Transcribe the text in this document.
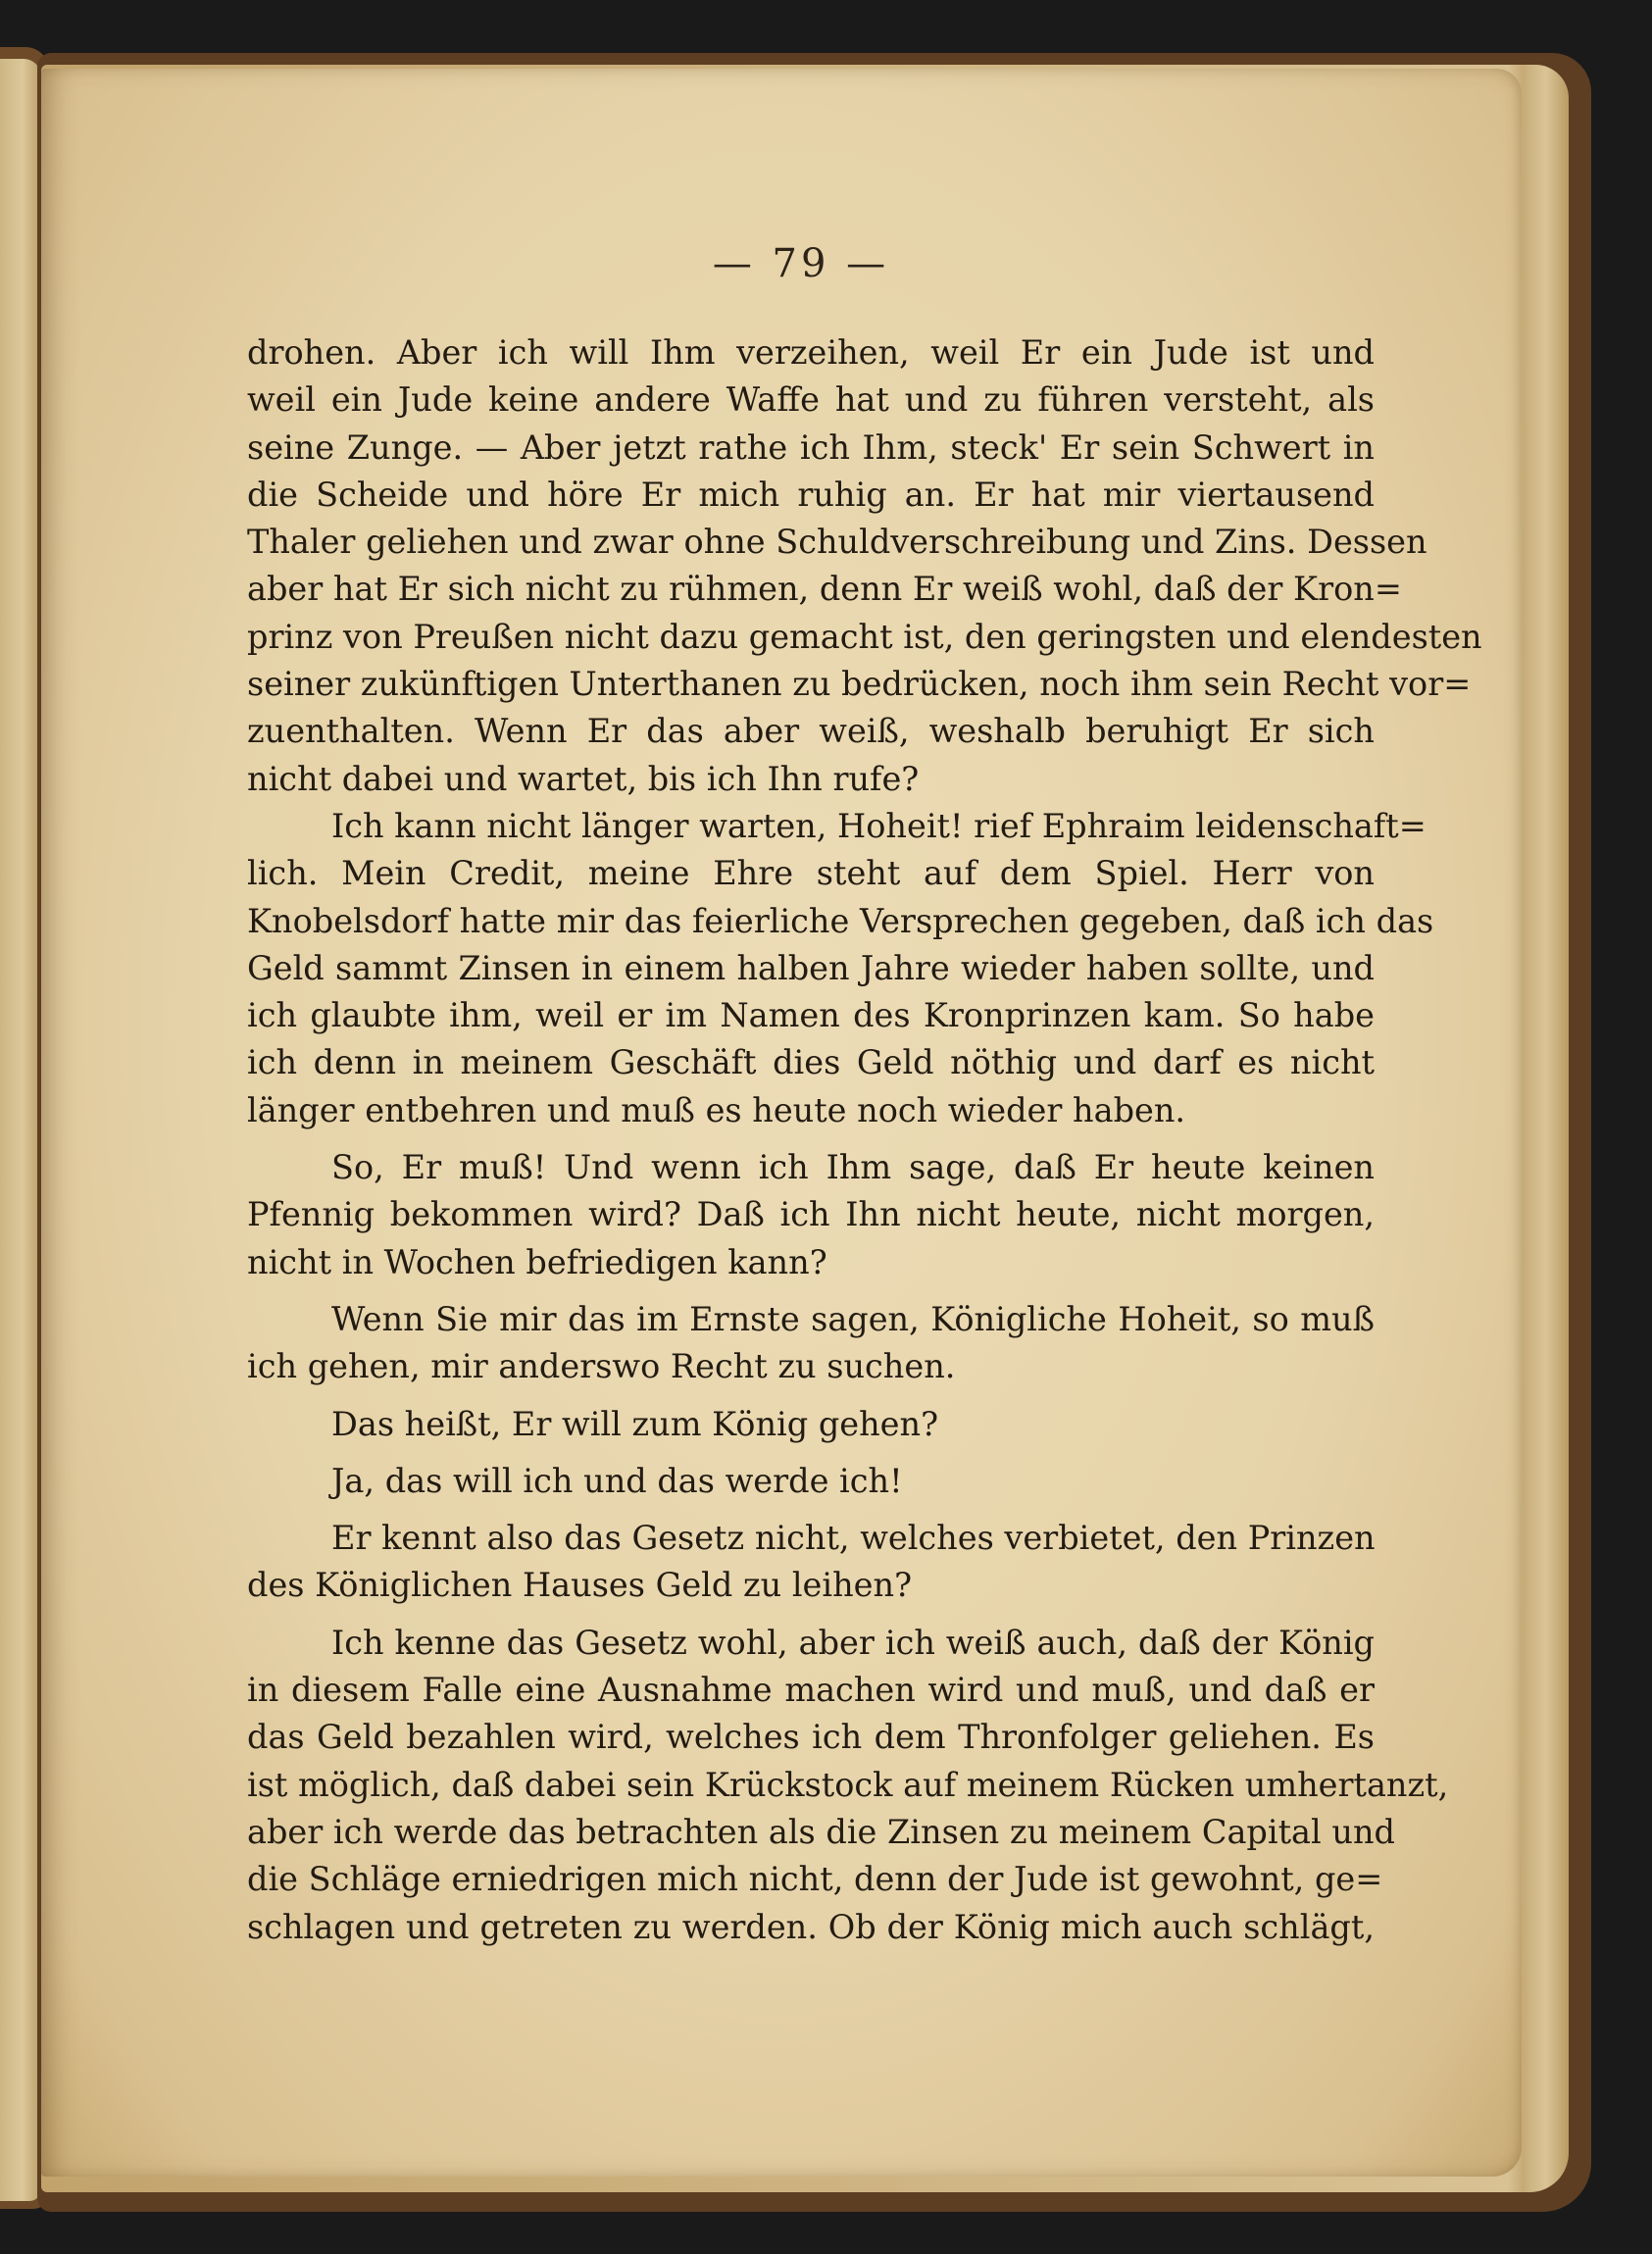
— 79 —
drohen. Aber ich will Ihm verzeihen, weil Er ein Jude ist und
weil ein Jude keine andere Waffe hat und zu führen versteht, als
seine Zunge. — Aber jetzt rathe ich Ihm, steck' Er sein Schwert in
die Scheide und höre Er mich ruhig an. Er hat mir viertausend
Thaler geliehen und zwar ohne Schuldverschreibung und Zins. Dessen
aber hat Er sich nicht zu rühmen, denn Er weiß wohl, daß der Kron=
prinz von Preußen nicht dazu gemacht ist, den geringsten und elendesten
seiner zukünftigen Unterthanen zu bedrücken, noch ihm sein Recht vor=
zuenthalten. Wenn Er das aber weiß, weshalb beruhigt Er sich
nicht dabei und wartet, bis ich Ihn rufe?
Ich kann nicht länger warten, Hoheit! rief Ephraim leidenschaft=
lich. Mein Credit, meine Ehre steht auf dem Spiel. Herr von
Knobelsdorf hatte mir das feierliche Versprechen gegeben, daß ich das
Geld sammt Zinsen in einem halben Jahre wieder haben sollte, und
ich glaubte ihm, weil er im Namen des Kronprinzen kam. So habe
ich denn in meinem Geschäft dies Geld nöthig und darf es nicht
länger entbehren und muß es heute noch wieder haben.
So, Er muß! Und wenn ich Ihm sage, daß Er heute keinen
Pfennig bekommen wird? Daß ich Ihn nicht heute, nicht morgen,
nicht in Wochen befriedigen kann?
Wenn Sie mir das im Ernste sagen, Königliche Hoheit, so muß
ich gehen, mir anderswo Recht zu suchen.
Das heißt, Er will zum König gehen?
Ja, das will ich und das werde ich!
Er kennt also das Gesetz nicht, welches verbietet, den Prinzen
des Königlichen Hauses Geld zu leihen?
Ich kenne das Gesetz wohl, aber ich weiß auch, daß der König
in diesem Falle eine Ausnahme machen wird und muß, und daß er
das Geld bezahlen wird, welches ich dem Thronfolger geliehen. Es
ist möglich, daß dabei sein Krückstock auf meinem Rücken umhertanzt,
aber ich werde das betrachten als die Zinsen zu meinem Capital und
die Schläge erniedrigen mich nicht, denn der Jude ist gewohnt, ge=
schlagen und getreten zu werden. Ob der König mich auch schlägt,
